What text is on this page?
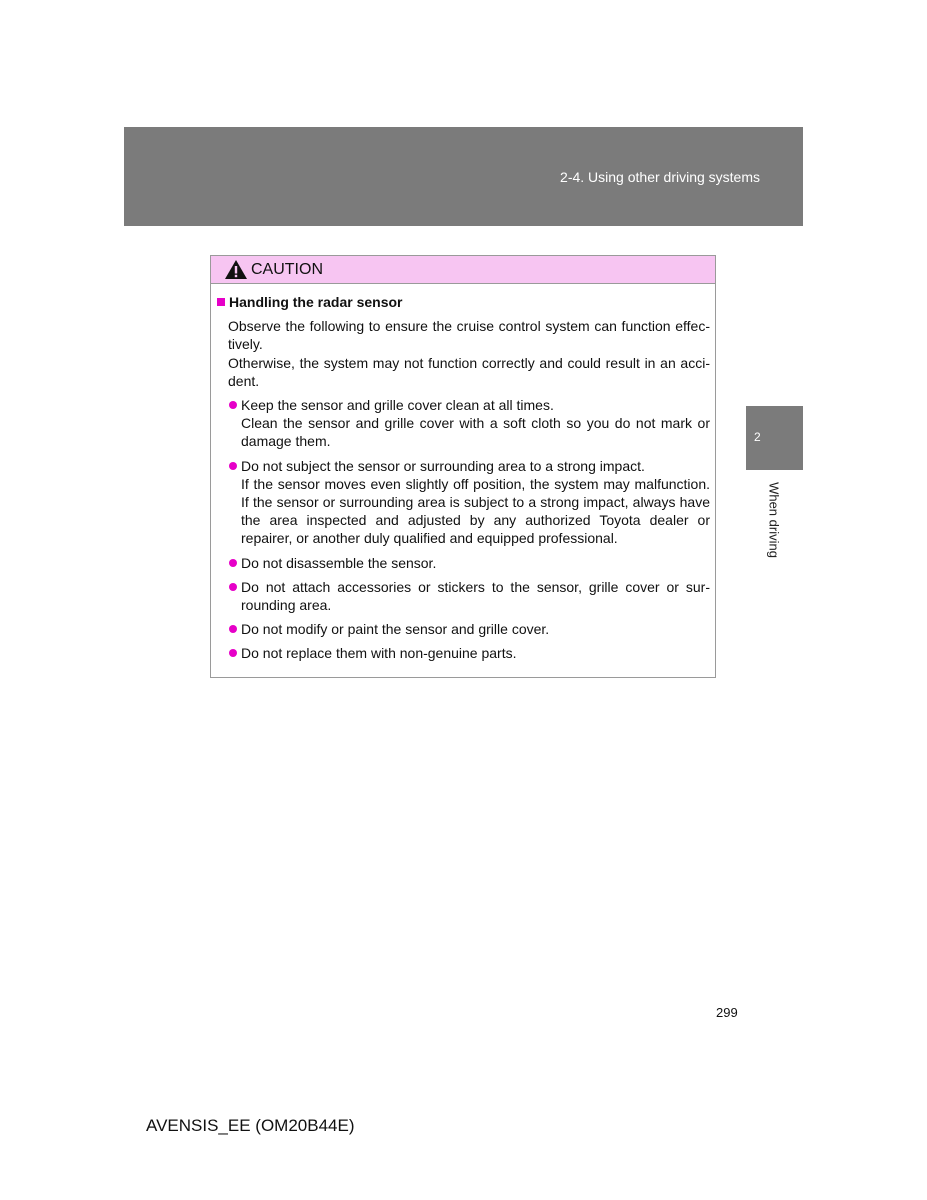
2-4. Using other driving systems
2
When driving
CAUTION
Handling the radar sensor

Observe the following to ensure the cruise control system can function effec-tively.

Otherwise, the system may not function correctly and could result in an acci-dent.

Keep the sensor and grille cover clean at all times.

Clean the sensor and grille cover with a soft cloth so you do not mark or damage them.

Do not subject the sensor or surrounding area to a strong impact.

If the sensor moves even slightly off position, the system may malfunction. If the sensor or surrounding area is subject to a strong impact, always have the area inspected and adjusted by any authorized Toyota dealer or repairer, or another duly qualified and equipped professional.

Do not disassemble the sensor.

Do not attach accessories or stickers to the sensor, grille cover or sur-rounding area.

Do not modify or paint the sensor and grille cover.

Do not replace them with non-genuine parts.

299
AVENSIS_EE (OM20B44E)
